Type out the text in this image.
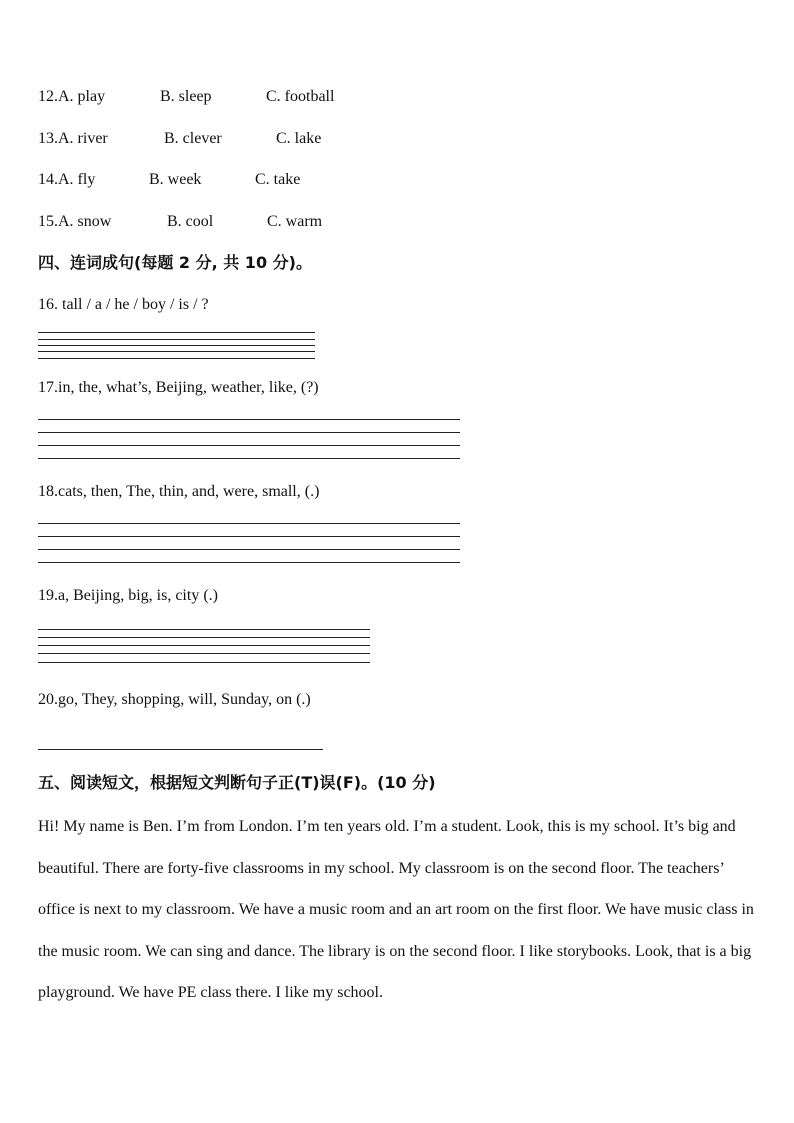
12.A. play	B. sleep	C. football
13.A. river	B. clever	C. lake
14.A. fly	B. week	C. take
15.A. snow	B. cool	C. warm
四、连词成句(每题 2 分, 共 10 分)。
16. tall / a / he / boy / is / ?
17.in, the, what’s, Beijing, weather, like, (?)
18.cats, then, The, thin, and, were, small, (.)
19.a, Beijing, big, is, city (.)
20.go, They, shopping, will, Sunday, on (.)
五、阅读短文，根据短文判断句子正(T)误(F)。(10 分)
Hi! My name is Ben. I’m from London. I’m ten years old. I’m a student. Look, this is my school. It’s big and beautiful. There are forty-five classrooms in my school. My classroom is on the second floor. The teachers’ office is next to my classroom. We have a music room and an art room on the first floor. We have music class in the music room. We can sing and dance. The library is on the second floor. I like storybooks. Look, that is a big playground. We have PE class there. I like my school.
